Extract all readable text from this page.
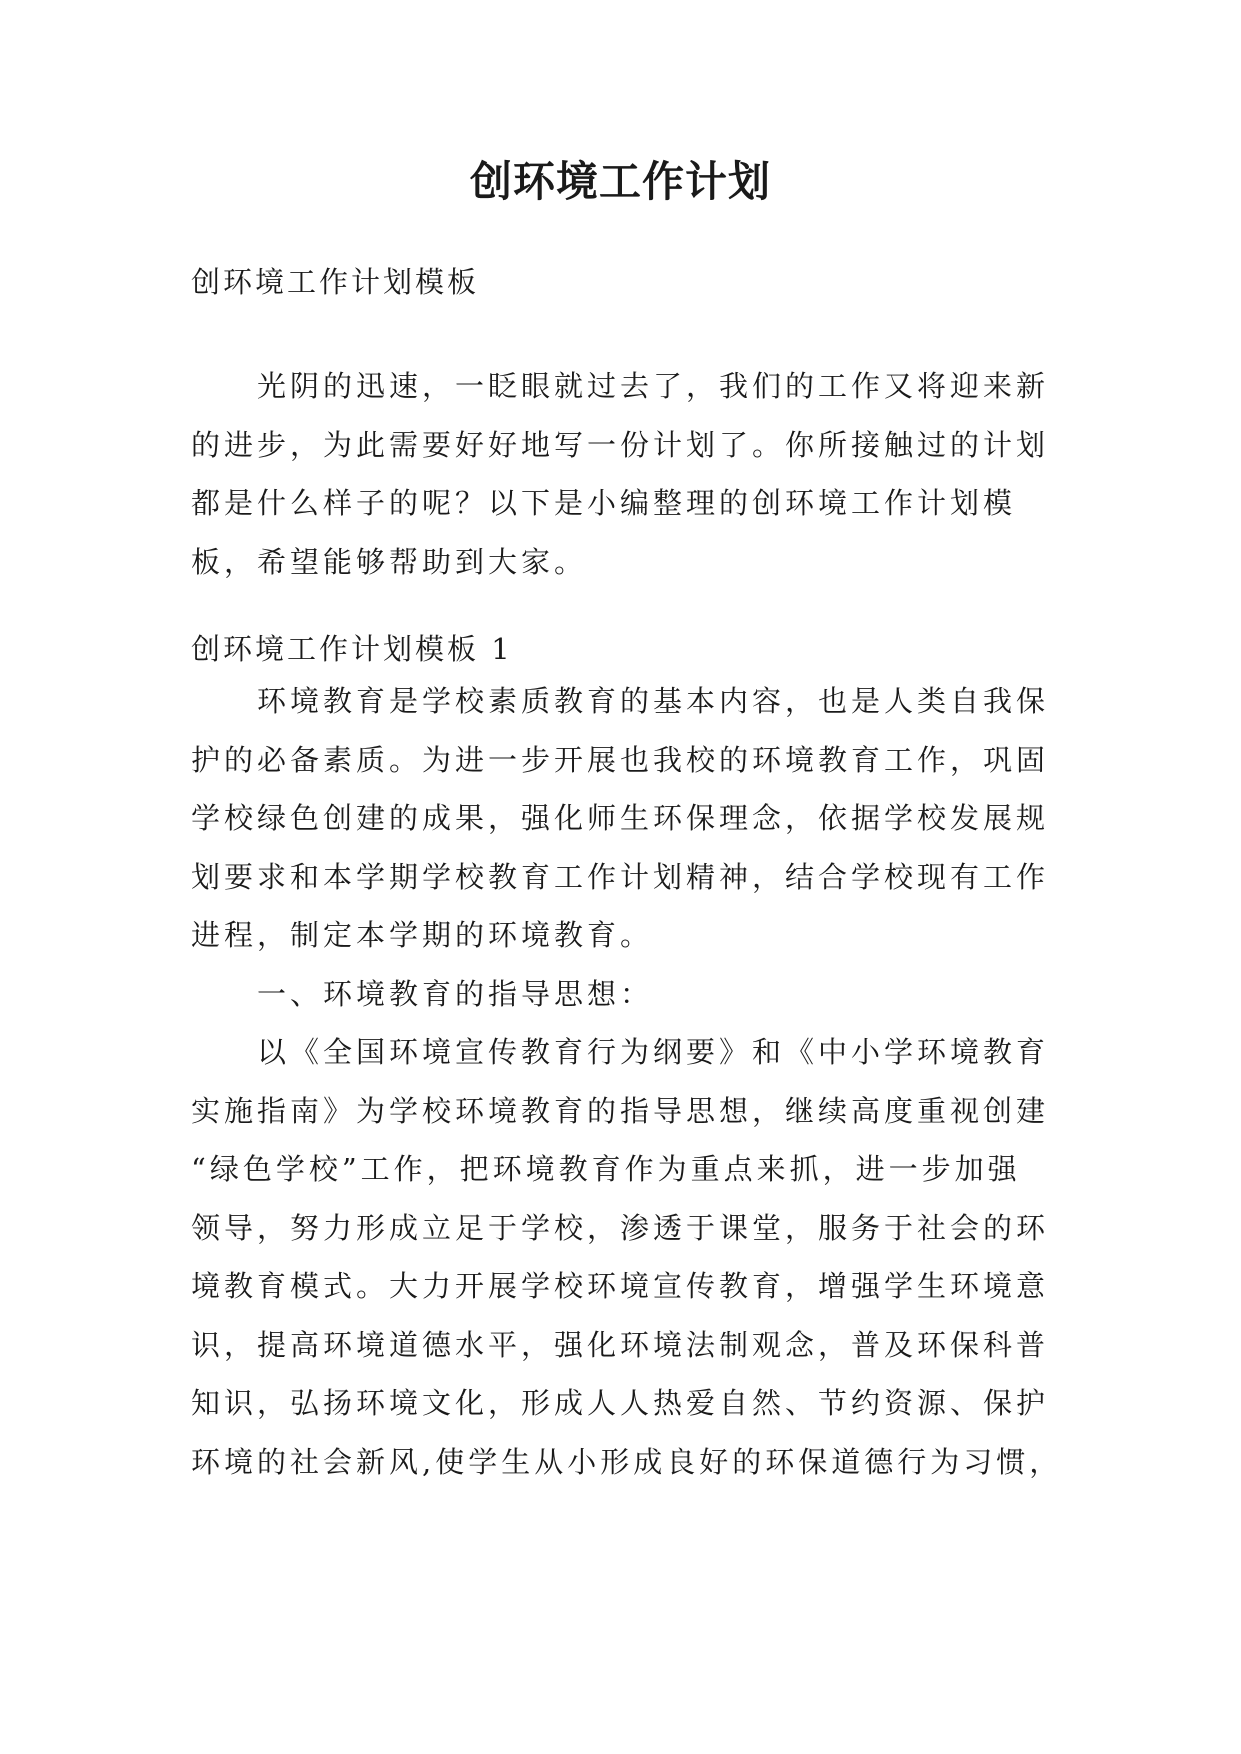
创环境工作计划

创环境工作计划模板

光阴的迅速，一眨眼就过去了，我们的工作又将迎来新
的进步，为此需要好好地写一份计划了。你所接触过的计划
都是什么样子的呢？以下是小编整理的创环境工作计划模
板，希望能够帮助到大家。

创环境工作计划模板 1

环境教育是学校素质教育的基本内容，也是人类自我保
护的必备素质。为进一步开展也我校的环境教育工作，巩固
学校绿色创建的成果，强化师生环保理念，依据学校发展规
划要求和本学期学校教育工作计划精神，结合学校现有工作
进程，制定本学期的环境教育。

一、环境教育的指导思想：

以《全国环境宣传教育行为纲要》和《中小学环境教育
实施指南》为学校环境教育的指导思想，继续高度重视创建
“绿色学校”工作，把环境教育作为重点来抓，进一步加强
领导，努力形成立足于学校，渗透于课堂，服务于社会的环
境教育模式。大力开展学校环境宣传教育，增强学生环境意
识，提高环境道德水平，强化环境法制观念，普及环保科普
知识，弘扬环境文化，形成人人热爱自然、节约资源、保护
环境的社会新风,使学生从小形成良好的环保道德行为习惯，
